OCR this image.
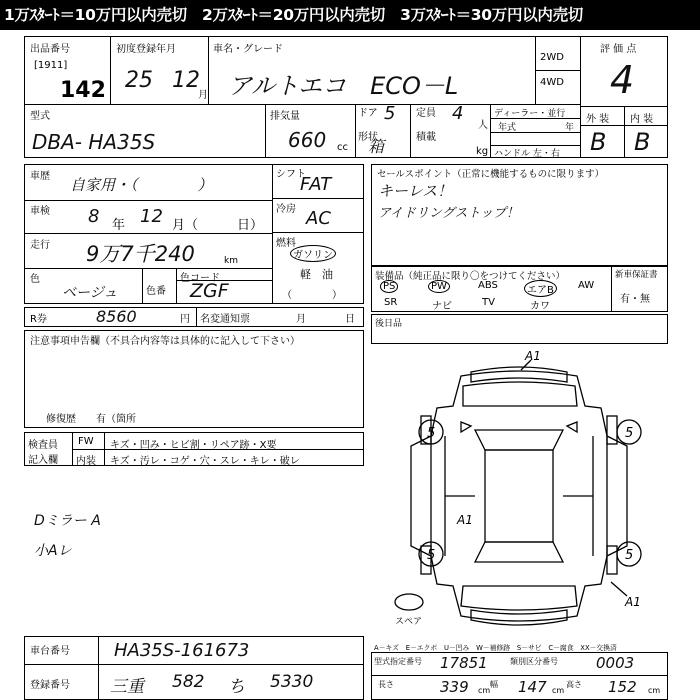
1万ｽﾀｰﾄ＝10万円以内売切　2万ｽﾀｰﾄ＝20万円以内売切　3万ｽﾀｰﾄ＝30万円以内売切
出品番号
[1911]
142
初度登録年月
25 12
月
車名・グレード
アルトエコ　ECO－L
2WD
4WD
評 価 点
4
型式
DBA- HA35S
排気量
660 cc
ドア 5
形状
箱
定員 4
人
積載
kg
ディーラー・並行
年式	年
ハンドル 左・右
外 装 内 装
B B
車歴 自家用・（　　　　）
車検 8 年 12 月（　　　日）
走行 9万7千240	km
色
ベージュ	色番
色コード
ZGF
シフト
FAT
冷房 AC
燃料
ガソリン
軽　油
（　　　　）
セールスポイント（正常に機能するものに限ります）
キーレス！
アイドリングストップ！
装備品（純正品に限り〇をつけてください）
PS	PW	ABS	エアB	AW
SR	ナビ	TV	カワ
新車保証書
有・無
R券	8560	円 名変通知票	月	日
注意事項申告欄（不具合内容等は具体的に記入して下さい）
修復歴　　有（箇所
後日品
検査員
記入欄
FW キズ・凹み・ヒビ割・リペア跡・X要
内装 キズ・汚レ・コゲ・穴・スレ・キレ・破レ
Dミラー A
小Aレ
A1
A1
A1
5	5
5	5
スペア
A－キズ　E－エクボ　U－凹み　W－補修跡　S－サビ　C－腐食　XX－交換済
車台番号 HA35S-161673
登録番号 三重 582 ち 5330
型式指定番号 17851	類別区分番号	0003
長さ	339 cm
幅 147 cm
高さ 152 cm
